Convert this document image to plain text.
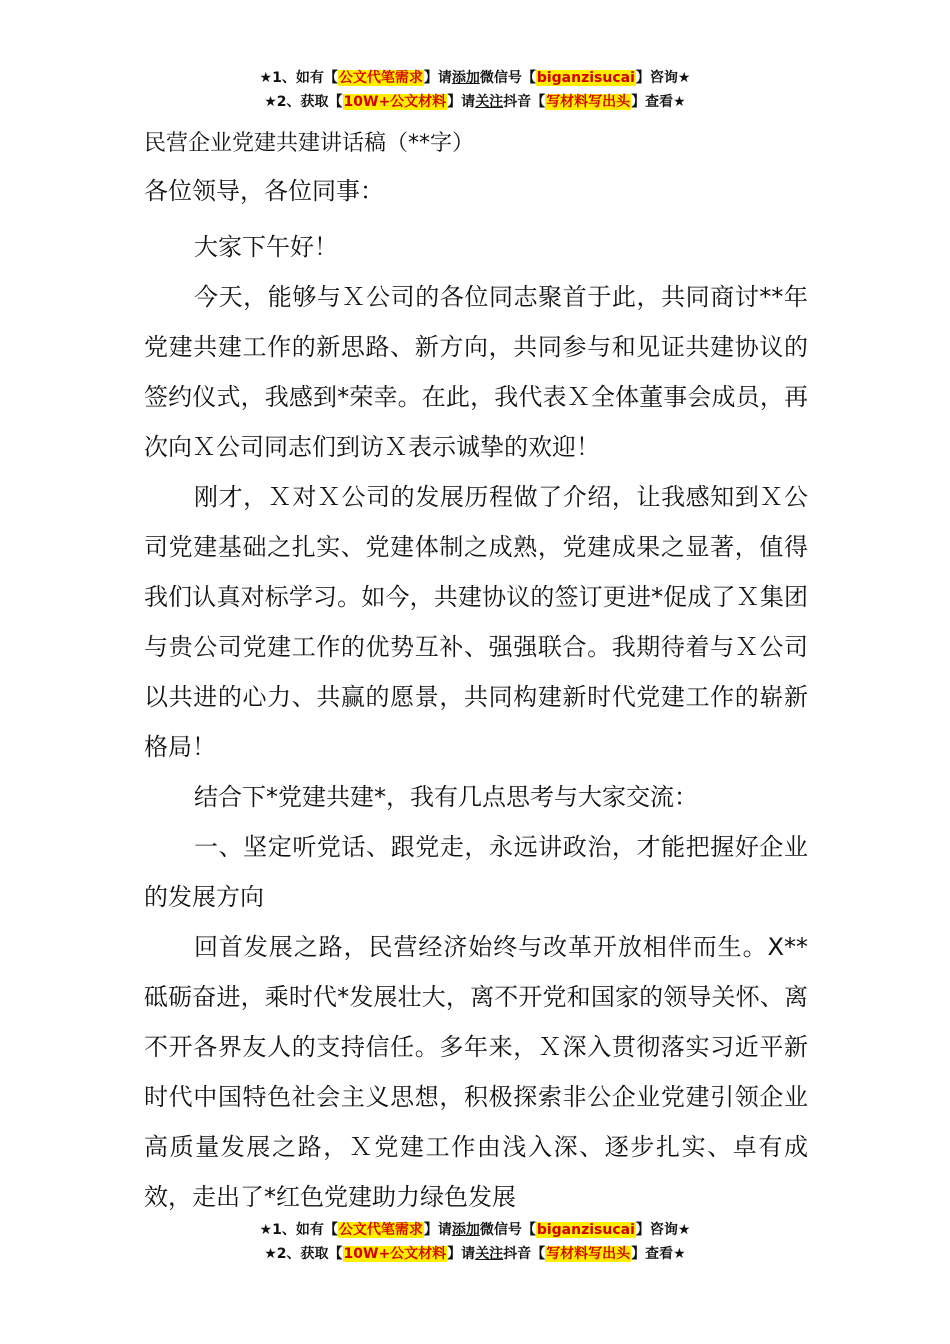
★1、如有【公文代笔需求】请添加微信号【biganzisucai】咨询★
★2、获取【10W+公文材料】请关注抖音【写材料写出头】查看★
民营企业党建共建讲话稿（**字）
各位领导，各位同事：

大家下午好！

今天，能够与Ｘ公司的各位同志聚首于此，共同商讨**年党建共建工作的新思路、新方向，共同参与和见证共建协议的签约仪式，我感到*荣幸。在此，我代表Ｘ全体董事会成员，再次向Ｘ公司同志们到访Ｘ表示诚挚的欢迎！

刚才，Ｘ对Ｘ公司的发展历程做了介绍，让我感知到Ｘ公司党建基础之扎实、党建体制之成熟，党建成果之显著，值得我们认真对标学习。如今，共建协议的签订更进*促成了Ｘ集团与贵公司党建工作的优势互补、强强联合。我期待着与Ｘ公司以共进的心力、共赢的愿景，共同构建新时代党建工作的崭新格局！

结合下*党建共建*，我有几点思考与大家交流：

一、坚定听党话、跟党走，永远讲政治，才能把握好企业的发展方向

回首发展之路，民营经济始终与改革开放相伴而生。X**砥砺奋进，乘时代*发展壮大，离不开党和国家的领导关怀、离不开各界友人的支持信任。多年来，Ｘ深入贯彻落实习近平新时代中国特色社会主义思想，积极探索非公企业党建引领企业高质量发展之路，Ｘ党建工作由浅入深、逐步扎实、卓有成效，走出了*红色党建助力绿色发展

★1、如有【公文代笔需求】请添加微信号【biganzisucai】咨询★
★2、获取【10W+公文材料】请关注抖音【写材料写出头】查看★
